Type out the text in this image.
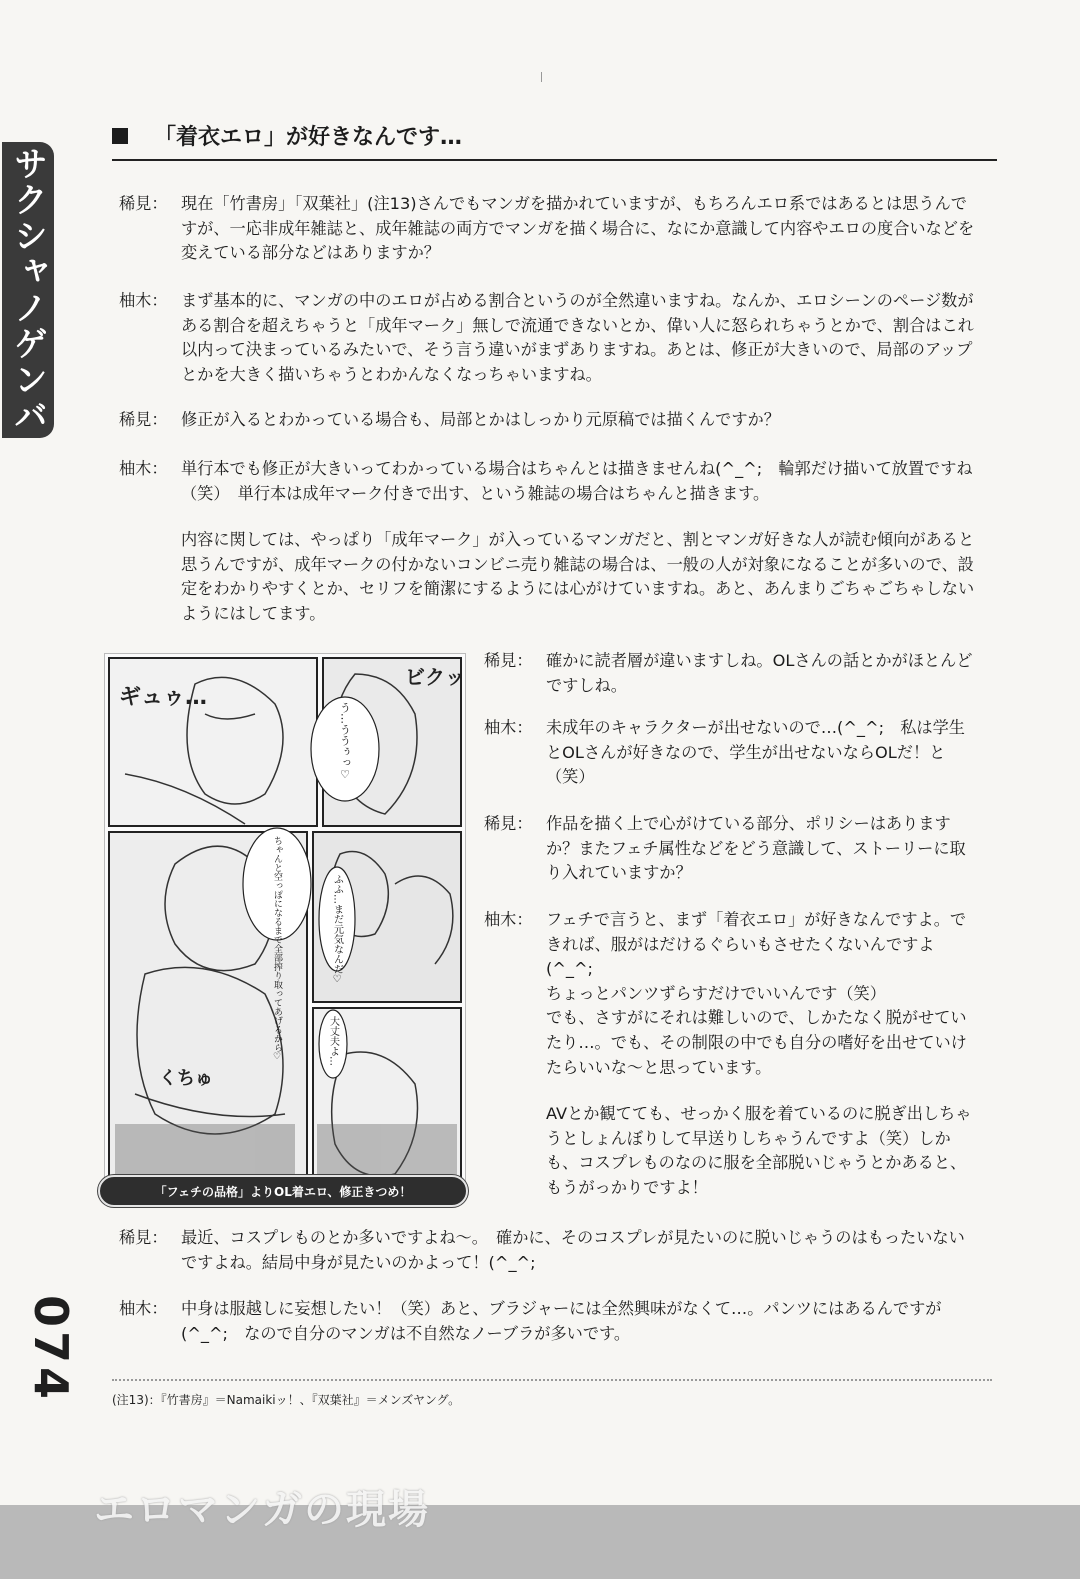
サクシャノゲンバ
074
「着衣エロ」が好きなんです…
稀見： 現在「竹書房」「双葉社」(注13)さんでもマンガを描かれていますが、もちろんエロ系ではあるとは思うんですが、一応非成年雑誌と、成年雑誌の両方でマンガを描く場合に、なにか意識して内容やエロの度合いなどを変えている部分などはありますか？

柚木： まず基本的に、マンガの中のエロが占める割合というのが全然違いますね。なんか、エロシーンのページ数がある割合を超えちゃうと「成年マーク」無しで流通できないとか、偉い人に怒られちゃうとかで、割合はこれ以内って決まっているみたいで、そう言う違いがまずありますね。あとは、修正が大きいので、局部のアップとかを大きく描いちゃうとわかんなくなっちゃいますね。

稀見： 修正が入るとわかっている場合も、局部とかはしっかり元原稿では描くんですか？

柚木： 単行本でも修正が大きいってわかっている場合はちゃんとは描きませんね(^_^;　輪郭だけ描いて放置ですね（笑）　単行本は成年マーク付きで出す、という雑誌の場合はちゃんと描きます。

内容に関しては、やっぱり「成年マーク」が入っているマンガだと、割とマンガ好きな人が読む傾向があると思うんですが、成年マークの付かないコンビニ売り雑誌の場合は、一般の人が対象になることが多いので、設定をわかりやすくとか、セリフを簡潔にするようには心がけていますね。あと、あんまりごちゃごちゃしないようにはしてます。

ギュゥ…
ビクッ
くちゅ
う…ううぅっ♡
ちゃんと空っぽになるまで全部搾り取ってあげるから♡	ふふ…まだ元気なんだ♡
大丈夫よ…
「フェチの品格」よりOL着エロ、修正きつめ！
稀見： 確かに読者層が違いますしね。OLさんの話とかがほとんどですしね。

柚木： 未成年のキャラクターが出せないので…(^_^;　私は学生とOLさんが好きなので、学生が出せないならOLだ！と（笑）

稀見： 作品を描く上で心がけている部分、ポリシーはありますか？またフェチ属性などをどう意識して、ストーリーに取り入れていますか？

柚木： フェチで言うと、まず「着衣エロ」が好きなんですよ。できれば、服がはだけるぐらいもさせたくないんですよ(^_^;

ちょっとパンツずらすだけでいいんです（笑）

でも、さすがにそれは難しいので、しかたなく脱がせていたり…。でも、その制限の中でも自分の嗜好を出せていけたらいいな～と思っています。

AVとか観てても、せっかく服を着ているのに脱ぎ出しちゃうとしょんぼりして早送りしちゃうんですよ（笑）しかも、コスプレものなのに服を全部脱いじゃうとかあると、もうがっかりですよ！

稀見： 最近、コスプレものとか多いですよね～。　確かに、そのコスプレが見たいのに脱いじゃうのはもったいないですよね。結局中身が見たいのかよって！(^_^;

柚木： 中身は服越しに妄想したい！（笑）あと、ブラジャーには全然興味がなくて…。パンツにはあるんですが(^_^;　なので自分のマンガは不自然なノーブラが多いです。

(注13)：『竹書房』＝Namaikiッ！、『双葉社』＝メンズヤング。
エロマンガの現場
